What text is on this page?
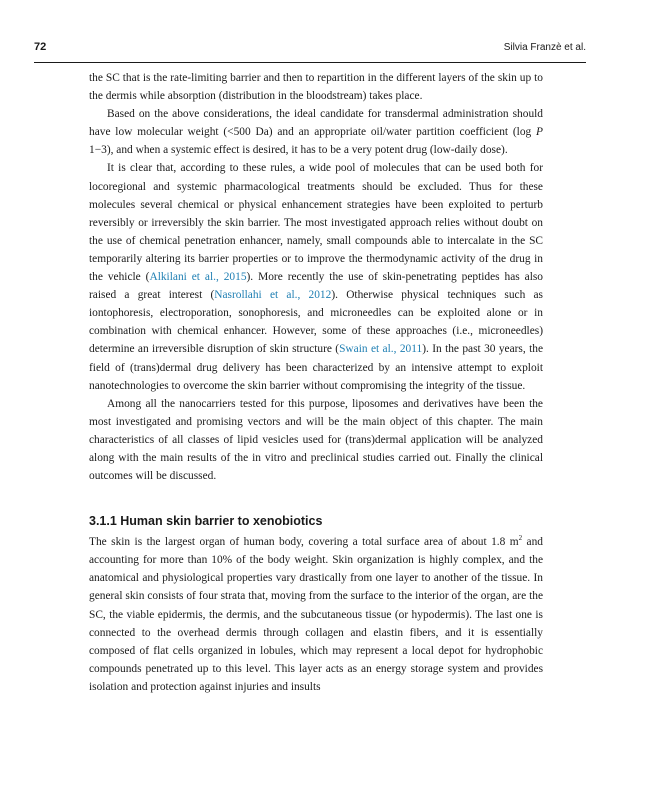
72	Silvia Franzè et al.

the SC that is the rate-limiting barrier and then to repartition in the different layers of the skin up to the dermis while absorption (distribution in the bloodstream) takes place.

Based on the above considerations, the ideal candidate for transdermal administration should have low molecular weight (<500 Da) and an appropriate oil/water partition coefficient (log P 1−3), and when a systemic effect is desired, it has to be a very potent drug (low-daily dose).

It is clear that, according to these rules, a wide pool of molecules that can be used both for locoregional and systemic pharmacological treatments should be excluded. Thus for these molecules several chemical or physical enhancement strategies have been exploited to perturb reversibly or irreversibly the skin barrier. The most investigated approach relies without doubt on the use of chemical penetration enhancer, namely, small compounds able to intercalate in the SC temporarily altering its barrier properties or to improve the thermodynamic activity of the drug in the vehicle (Alkilani et al., 2015). More recently the use of skin-penetrating peptides has also raised a great interest (Nasrollahi et al., 2012). Otherwise physical techniques such as iontophoresis, electroporation, sonophoresis, and microneedles can be exploited alone or in combination with chemical enhancer. However, some of these approaches (i.e., microneedles) determine an irreversible disruption of skin structure (Swain et al., 2011). In the past 30 years, the field of (trans)dermal drug delivery has been characterized by an intensive attempt to exploit nanotechnologies to overcome the skin barrier without compromising the integrity of the tissue.

Among all the nanocarriers tested for this purpose, liposomes and derivatives have been the most investigated and promising vectors and will be the main object of this chapter. The main characteristics of all classes of lipid vesicles used for (trans)dermal application will be analyzed along with the main results of the in vitro and preclinical studies carried out. Finally the clinical outcomes will be discussed.

3.1.1 Human skin barrier to xenobiotics

The skin is the largest organ of human body, covering a total surface area of about 1.8 $m^2$ and accounting for more than 10% of the body weight. Skin organization is highly complex, and the anatomical and physiological properties vary drastically from one layer to another of the tissue. In general skin consists of four strata that, moving from the surface to the interior of the organ, are the SC, the viable epidermis, the dermis, and the subcutaneous tissue (or hypodermis). The last one is connected to the overhead dermis through collagen and elastin fibers, and it is essentially composed of flat cells organized in lobules, which may represent a local depot for hydrophobic compounds penetrated up to this level. This layer acts as an energy storage system and provides isolation and protection against injuries and insults
